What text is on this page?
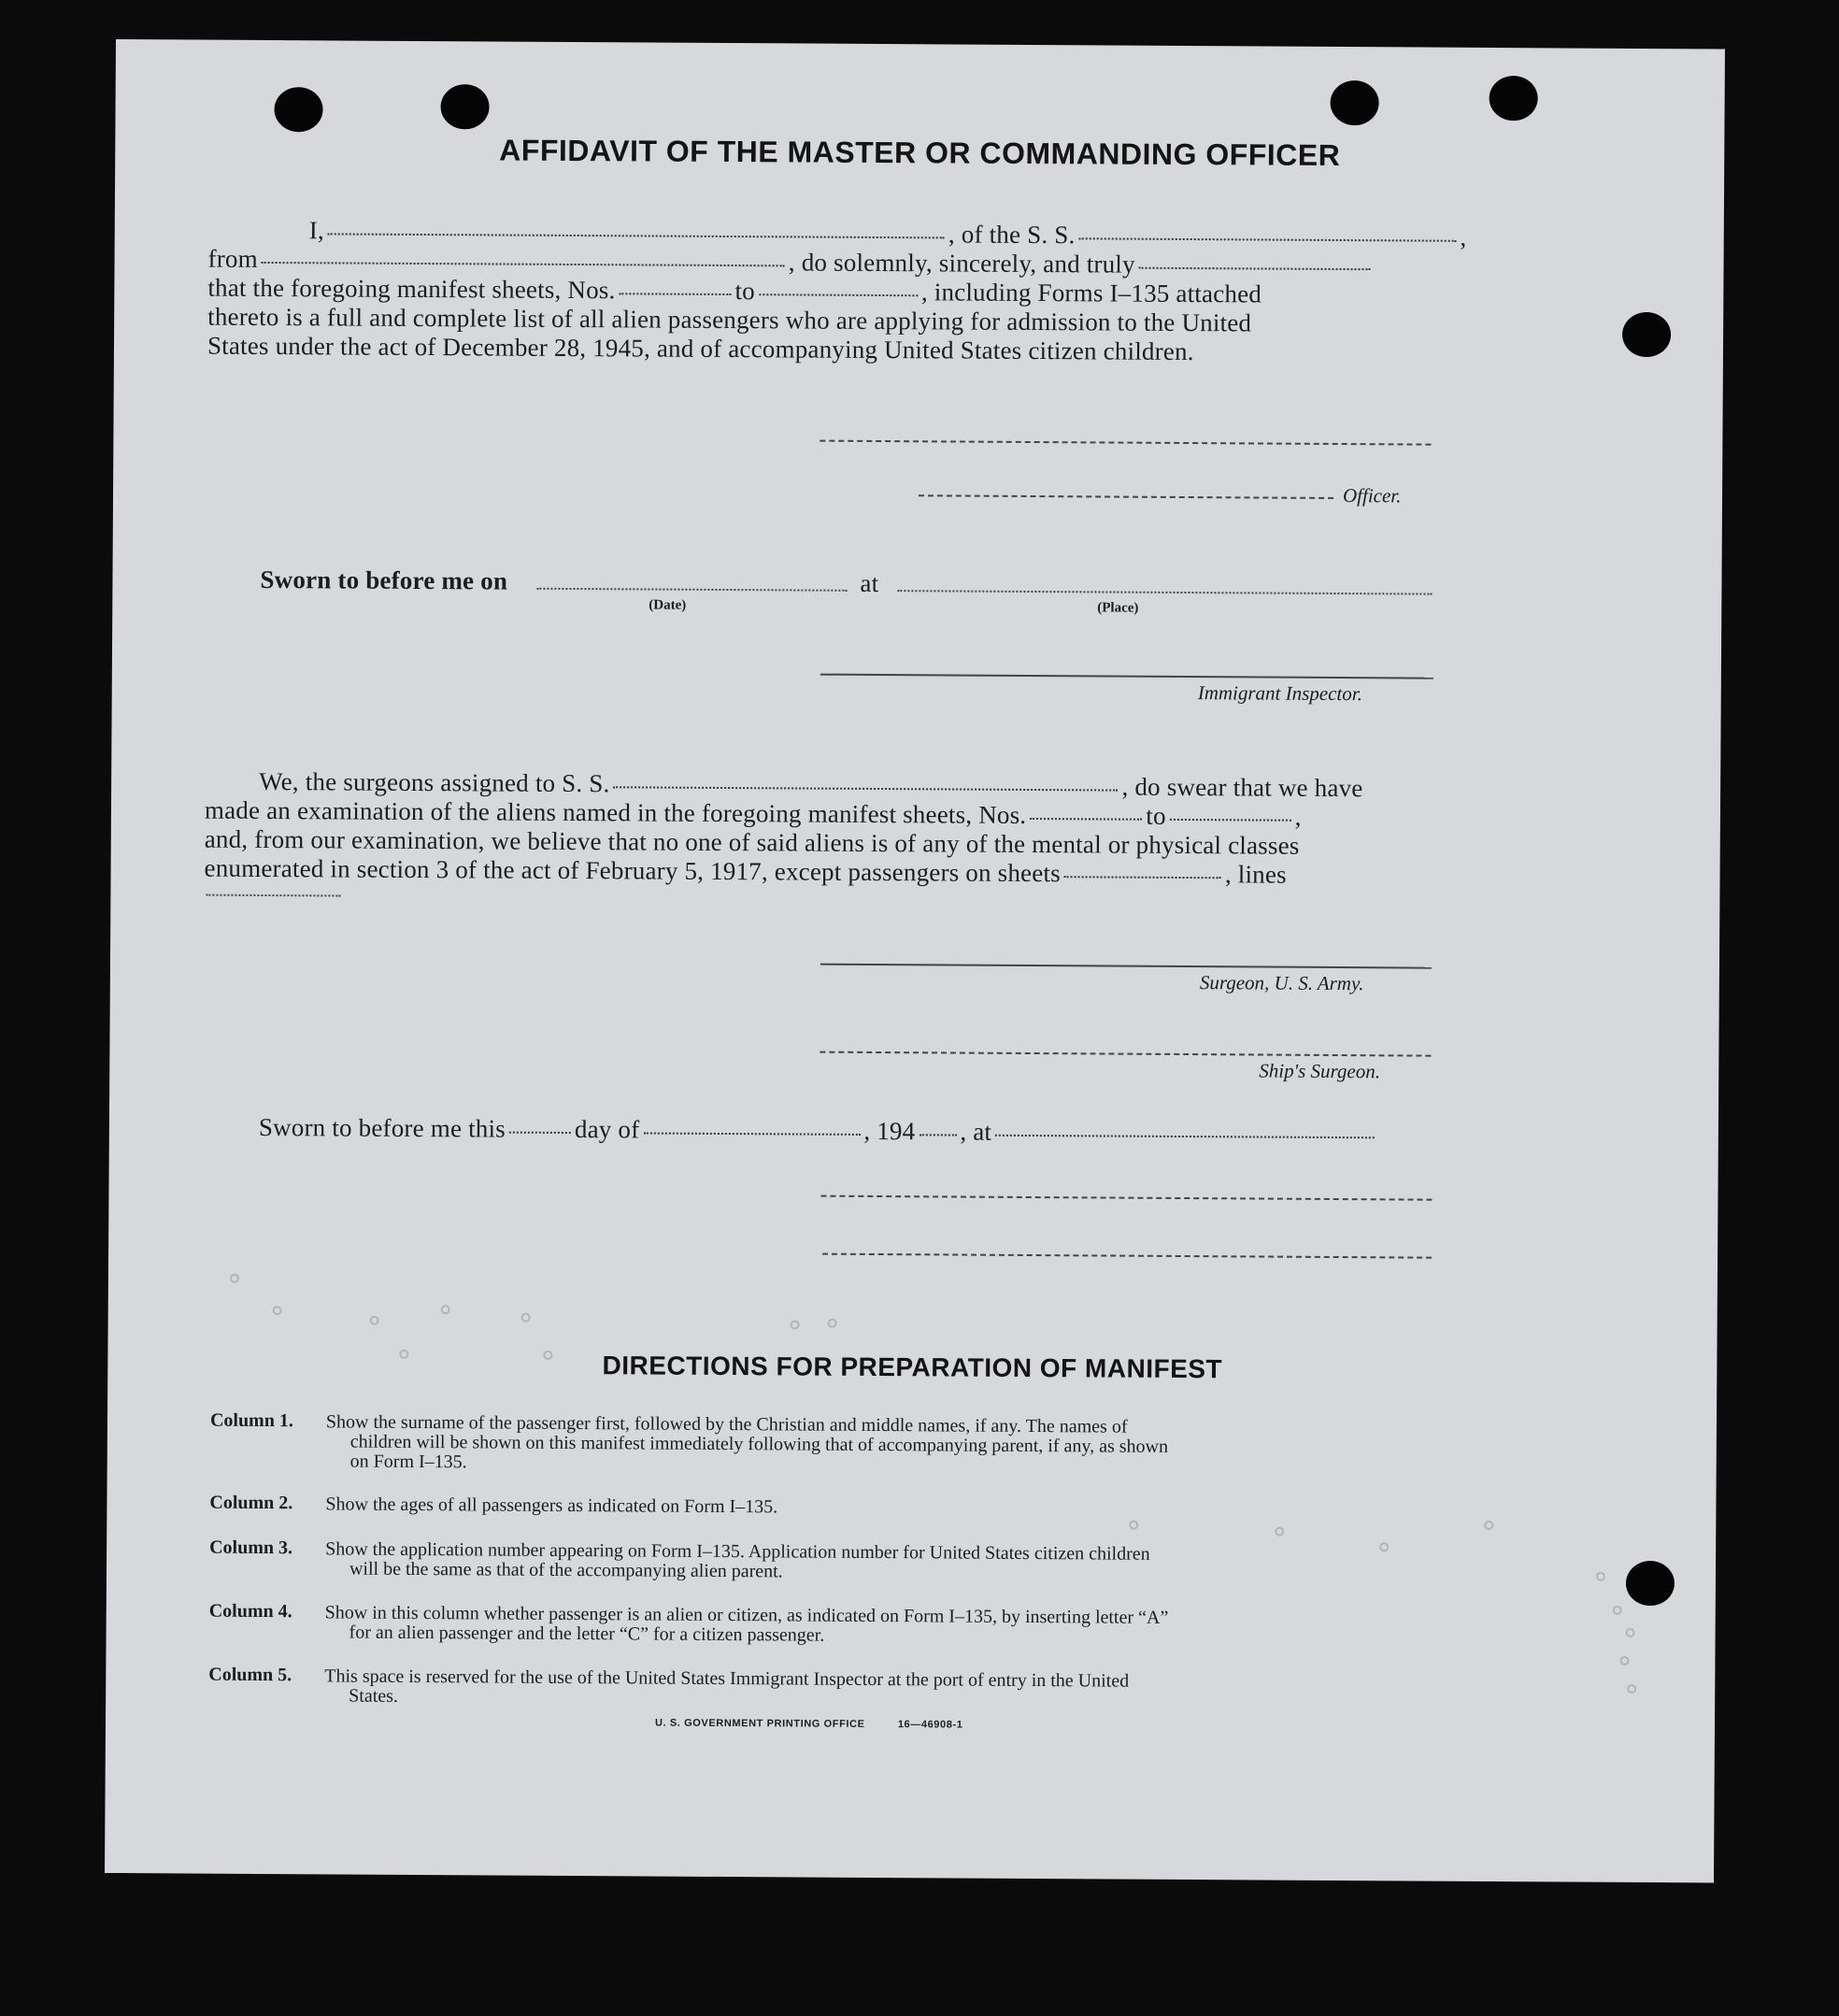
AFFIDAVIT OF THE MASTER OR COMMANDING OFFICER
I,	, of the S. S.	,
from	, do solemnly, sincerely, and truly
that the foregoing manifest sheets, Nos.	to	, including Forms I–135 attached
thereto is a full and complete list of all alien passengers who are applying for admission to the United
States under the act of December 28, 1945, and of accompanying United States citizen children.
Officer.
Sworn to before me on	at
(Date)	(Place)
Immigrant Inspector.
We, the surgeons assigned to S. S.	, do swear that we have
made an examination of the aliens named in the foregoing manifest sheets, Nos.	to	,
and, from our examination, we believe that no one of said aliens is of any of the mental or physical classes
enumerated in section 3 of the act of February 5, 1917, except passengers on sheets	, lines
Surgeon, U. S. Army.
Ship's Surgeon.
Sworn to before me this	day of	, 194 , at
DIRECTIONS FOR PREPARATION OF MANIFEST
Column 1. Show the surname of the passenger first, followed by the Christian and middle names, if any. The names of
children will be shown on this manifest immediately following that of accompanying parent, if any, as shown
on Form I–135.
Column 2. Show the ages of all passengers as indicated on Form I–135.
Column 3. Show the application number appearing on Form I–135. Application number for United States citizen children
will be the same as that of the accompanying alien parent.
Column 4. Show in this column whether passenger is an alien or citizen, as indicated on Form I–135, by inserting letter “A”
for an alien passenger and the letter “C” for a citizen passenger.
Column 5. This space is reserved for the use of the United States Immigrant Inspector at the port of entry in the United
States.
U. S. GOVERNMENT PRINTING OFFICE	16—46908-1
